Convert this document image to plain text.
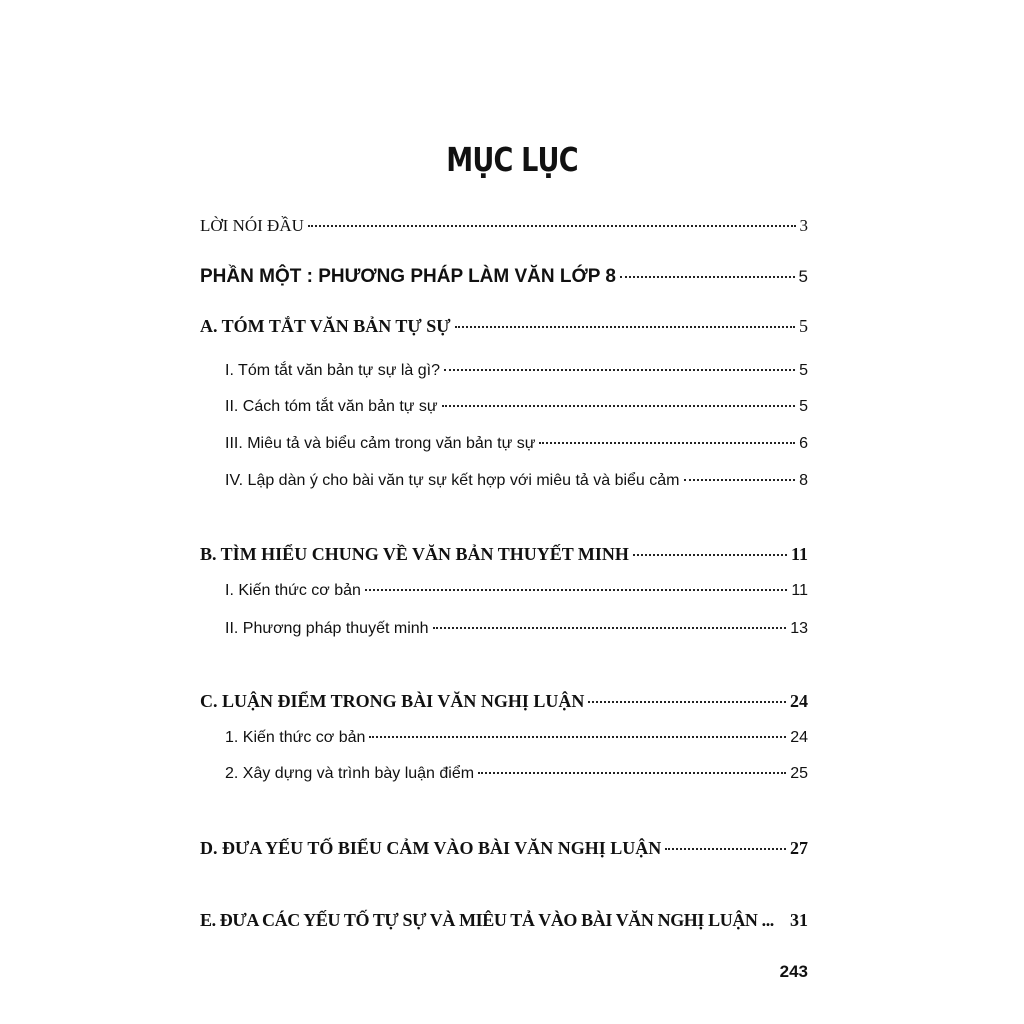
MỤC LỤC
LỜI NÓI ĐẦU	3
PHẦN MỘT : PHƯƠNG PHÁP LÀM VĂN LỚP 8	5
A. TÓM TẮT VĂN BẢN TỰ SỰ	5
I. Tóm tắt văn bản tự sự là gì?	5
II. Cách tóm tắt văn bản tự sự	5
III. Miêu tả và biểu cảm trong văn bản tự sự	6
IV. Lập dàn ý cho bài văn tự sự kết hợp với miêu tả và biểu cảm	8
B. TÌM HIỂU CHUNG VỀ VĂN BẢN THUYẾT MINH	11
I. Kiến thức cơ bản	11
II. Phương pháp thuyết minh	13
C. LUẬN ĐIỂM TRONG BÀI VĂN NGHỊ LUẬN	24
1. Kiến thức cơ bản	24
2. Xây dựng và trình bày luận điểm	25
D. ĐƯA YẾU TỐ BIỂU CẢM VÀO BÀI VĂN NGHỊ LUẬN	27
E. ĐƯA CÁC YẾU TỐ TỰ SỰ VÀ MIÊU TẢ VÀO BÀI VĂN NGHỊ LUẬN ... 31
243
